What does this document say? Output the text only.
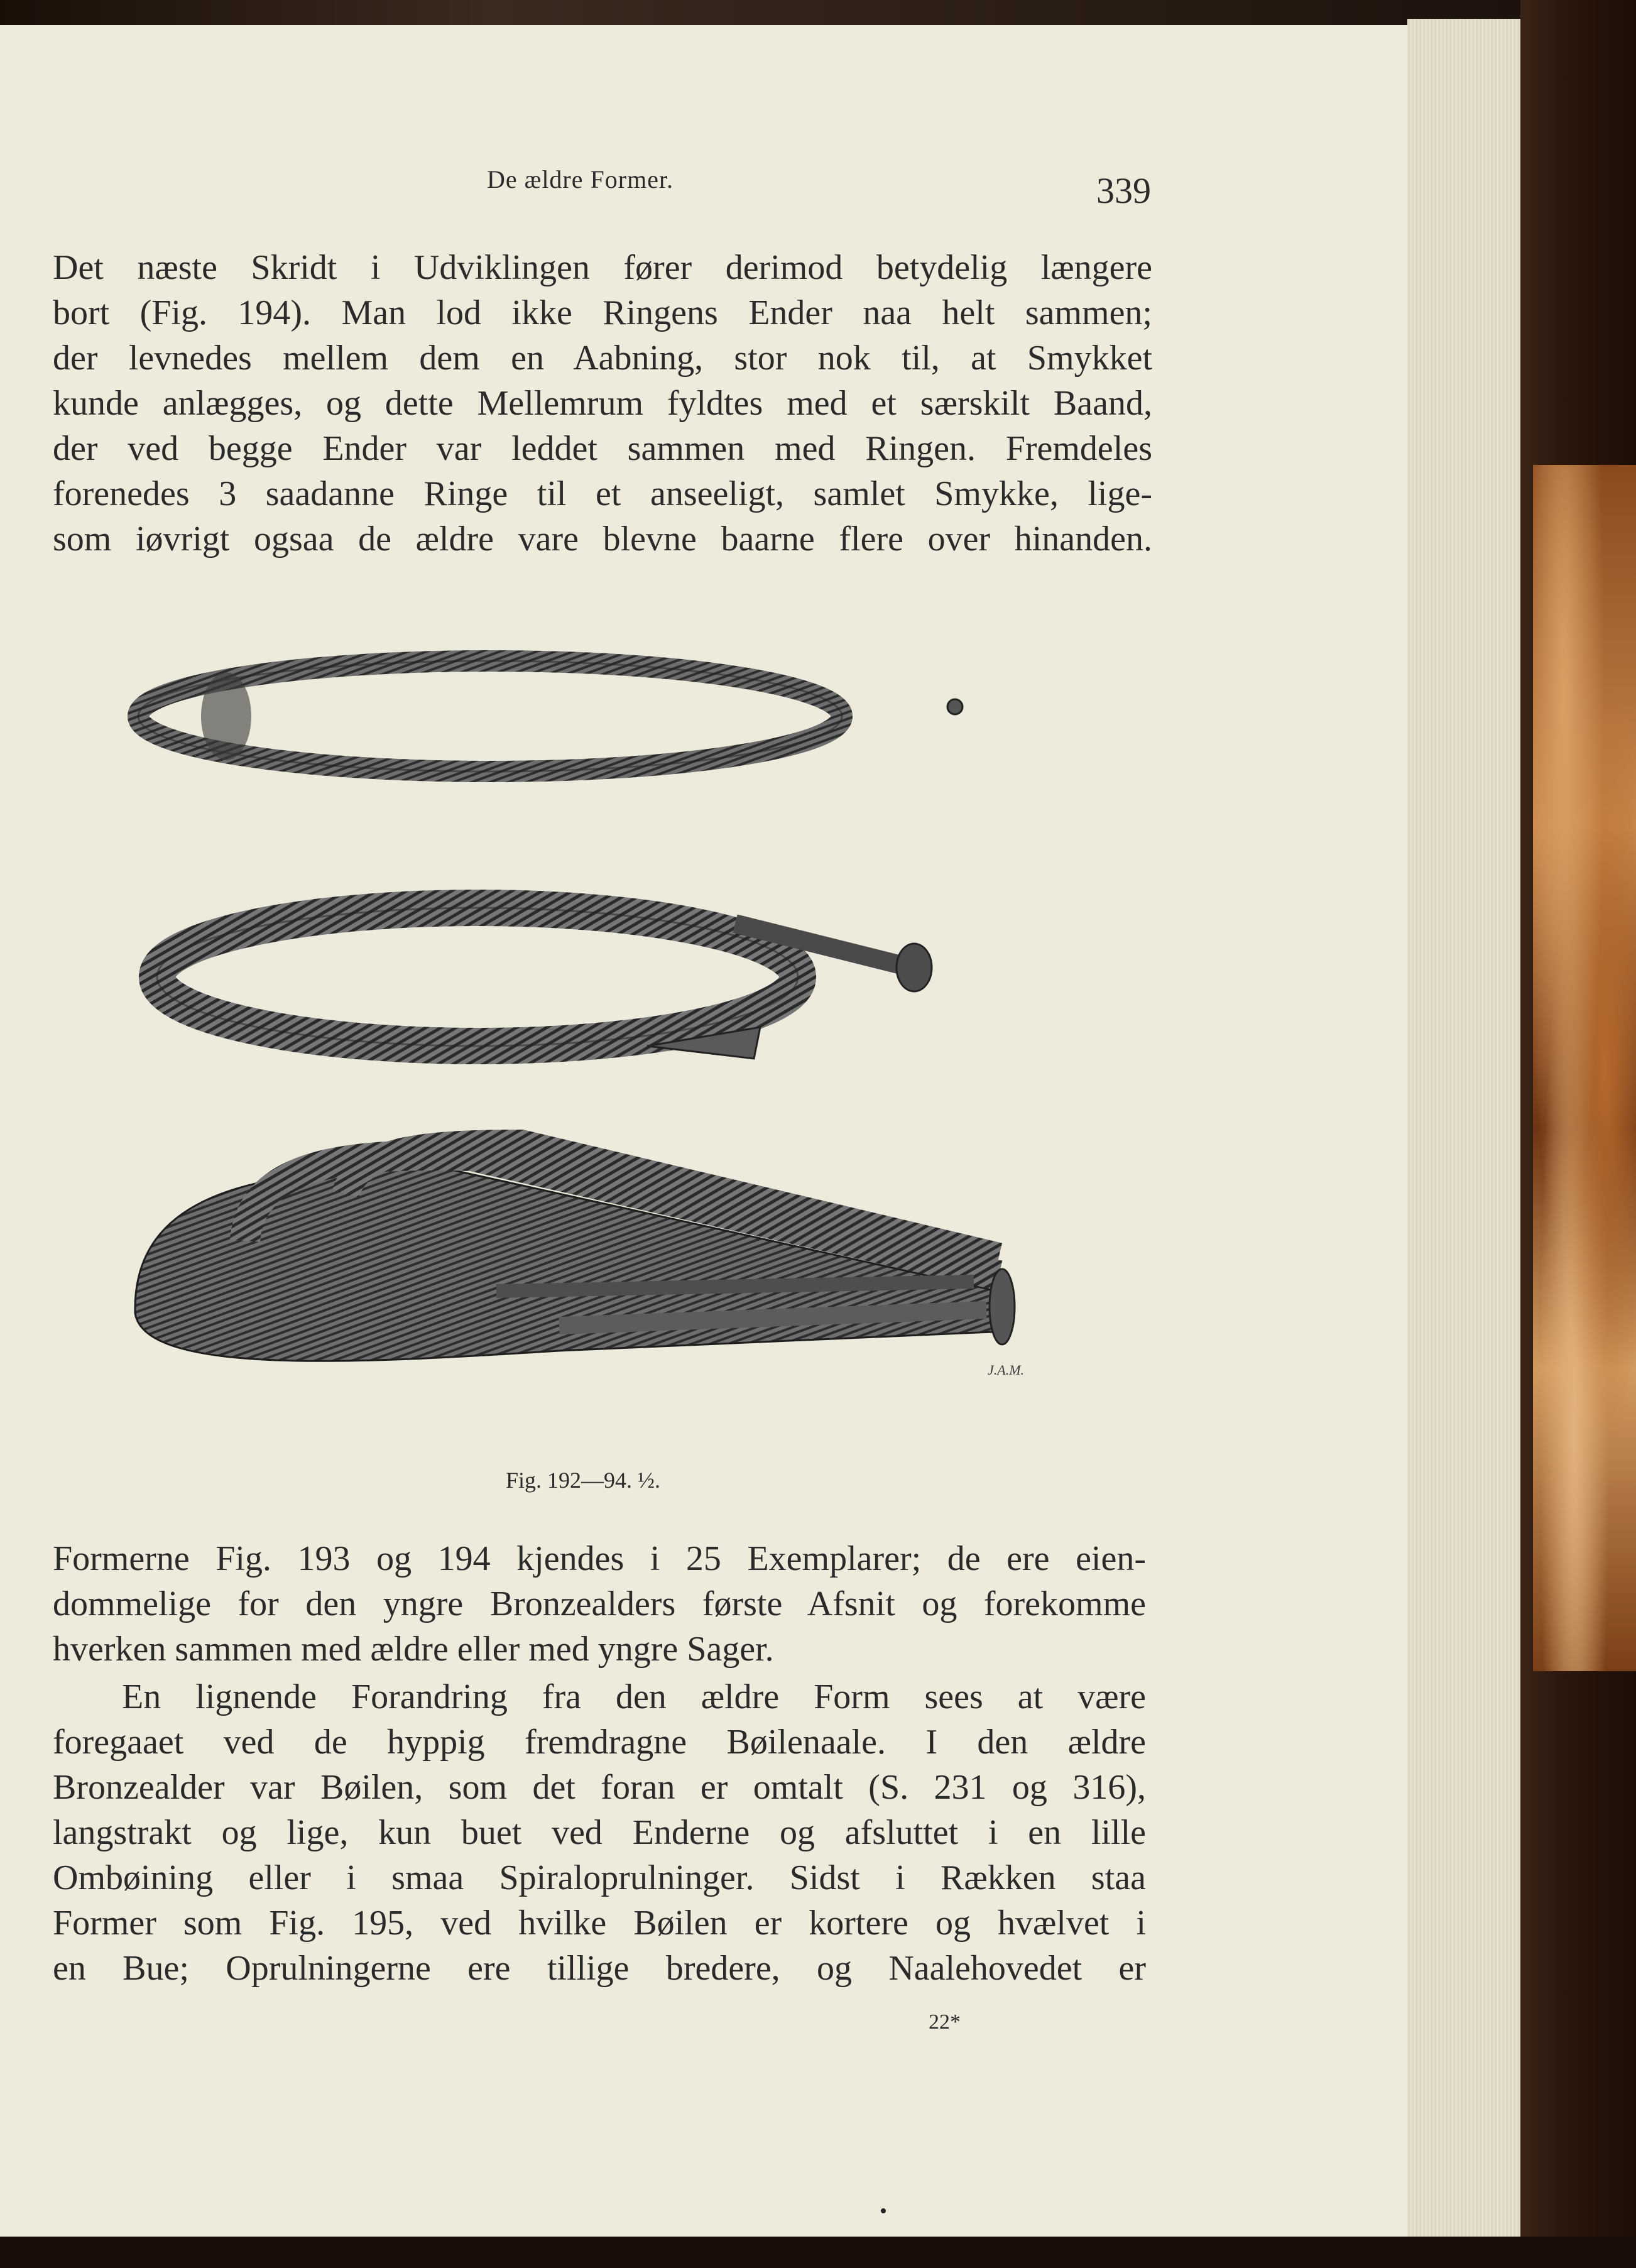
De ældre Former.	339
Det næste Skridt i Udviklingen fører derimod betydelig længere
bort (Fig. 194). Man lod ikke Ringens Ender naa helt sammen;
der levnedes mellem dem en Aabning, stor nok til, at Smykket
kunde anlægges, og dette Mellemrum fyldtes med et særskilt Baand,
der ved begge Ender var leddet sammen med Ringen. Fremdeles
forenedes 3 saadanne Ringe til et anseeligt, samlet Smykke, lige-
som iøvrigt ogsaa de ældre vare blevne baarne flere over hinanden.
J.A.M.
Fig. 192—94. ½.
Formerne Fig. 193 og 194 kjendes i 25 Exemplarer; de ere eien-
dommelige for den yngre Bronzealders første Afsnit og forekomme
hverken sammen med ældre eller med yngre Sager.
En lignende Forandring fra den ældre Form sees at være
foregaaet ved de hyppig fremdragne Bøilenaale. I den ældre
Bronzealder var Bøilen, som det foran er omtalt (S. 231 og 316),
langstrakt og lige, kun buet ved Enderne og afsluttet i en lille
Ombøining eller i smaa Spiraloprulninger. Sidst i Rækken staa
Former som Fig. 195, ved hvilke Bøilen er kortere og hvælvet i
en Bue; Oprulningerne ere tillige bredere, og Naalehovedet er
22*
